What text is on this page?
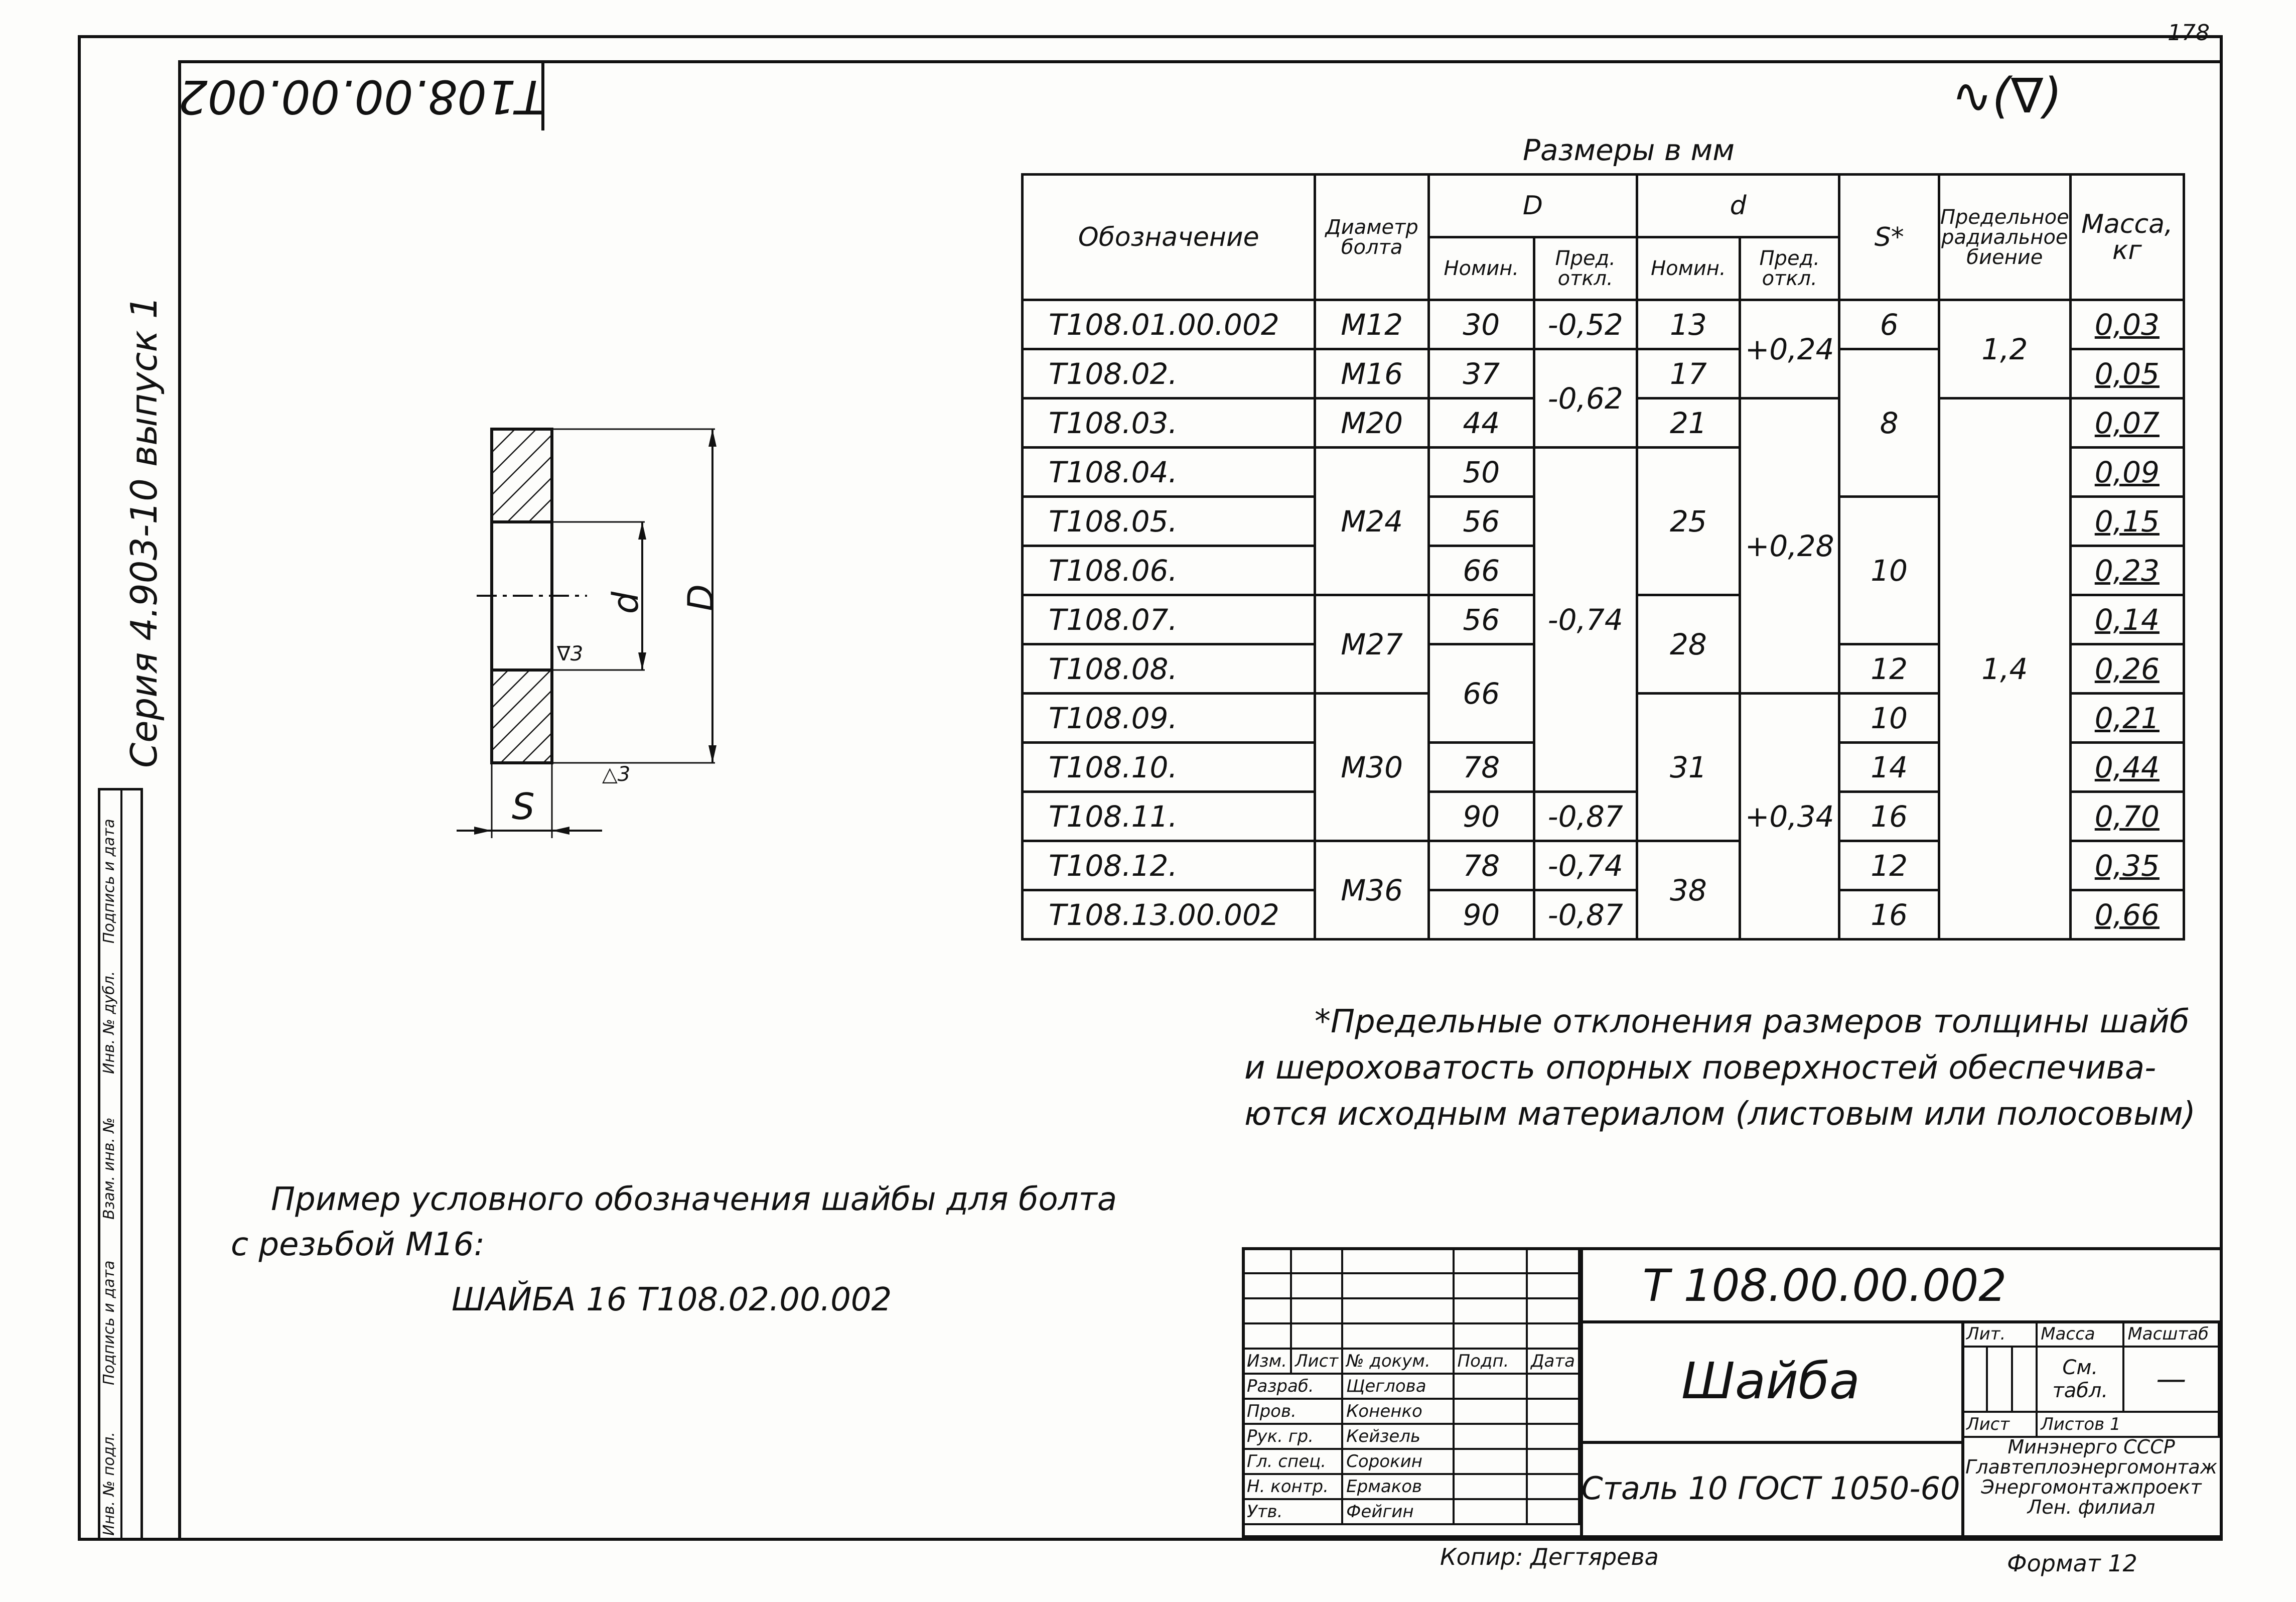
178
T108.00.00.002	∿(∇)
Серия 4.903-10 выпуск 1
Инв. № подл.
Подпись и дата
Взам. инв. №
Инв. № дубл.
Подпись и дата
D
d
S
∇3
△3
Размеры в мм
Обозначение	Диаметр болта	D		d		S*	Предельное радиальное биение	Масса, кг
		Номин.	Пред. откл.	Номин.	Пред. откл.			
T108.01.00.002	M12	30	-0,52	13	+0,24	6	1,2	0,03
T108.02.	M16	37	-0,62	17		8		0,05
T108.03.	M20	44		21	+0,28		1,4	0,07
T108.04.	M24	50	-0,74	25				0,09
T108.05.		56				10		0,15
T108.06.		66						0,23
T108.07.	M27	56		28				0,14
T108.08.		66				12		0,26
T108.09.	M30			31	+0,34	10		0,21
T108.10.		78				14		0,44
T108.11.		90	-0,87			16		0,70
T108.12.	M36	78	-0,74	38		12		0,35
T108.13.00.002		90	-0,87			16		0,66
*Предельные отклонения размеров толщины шайб
и шероховатость опорных поверхностей обеспечива-
ются исходным материалом (листовым или полосовым)
Пример условного обозначения шайбы для болта
с резьбой M16:
ШАЙБА 16 T108.02.00.002

Изм.	Лист	№ докум.	Подп.	Дата
Разраб.		Щеглова		
Пров.		Коненко		
Рук. гр.		Кейзель		
Гл. спец.		Сорокин		
Н. контр.		Ермаков		
Утв.		Фейгин		
T 108.00.00.002
Шайба
Сталь 10 ГОСТ 1050-60
Лит.			Масса	Масштаб
			См. табл.	—
Лист			Листов 1	
Минэнерго СССР
Главтеплоэнергомонтаж
Энергомонтажпроект
Лен. филиал
Копир: Дегтярева	Формат 12
